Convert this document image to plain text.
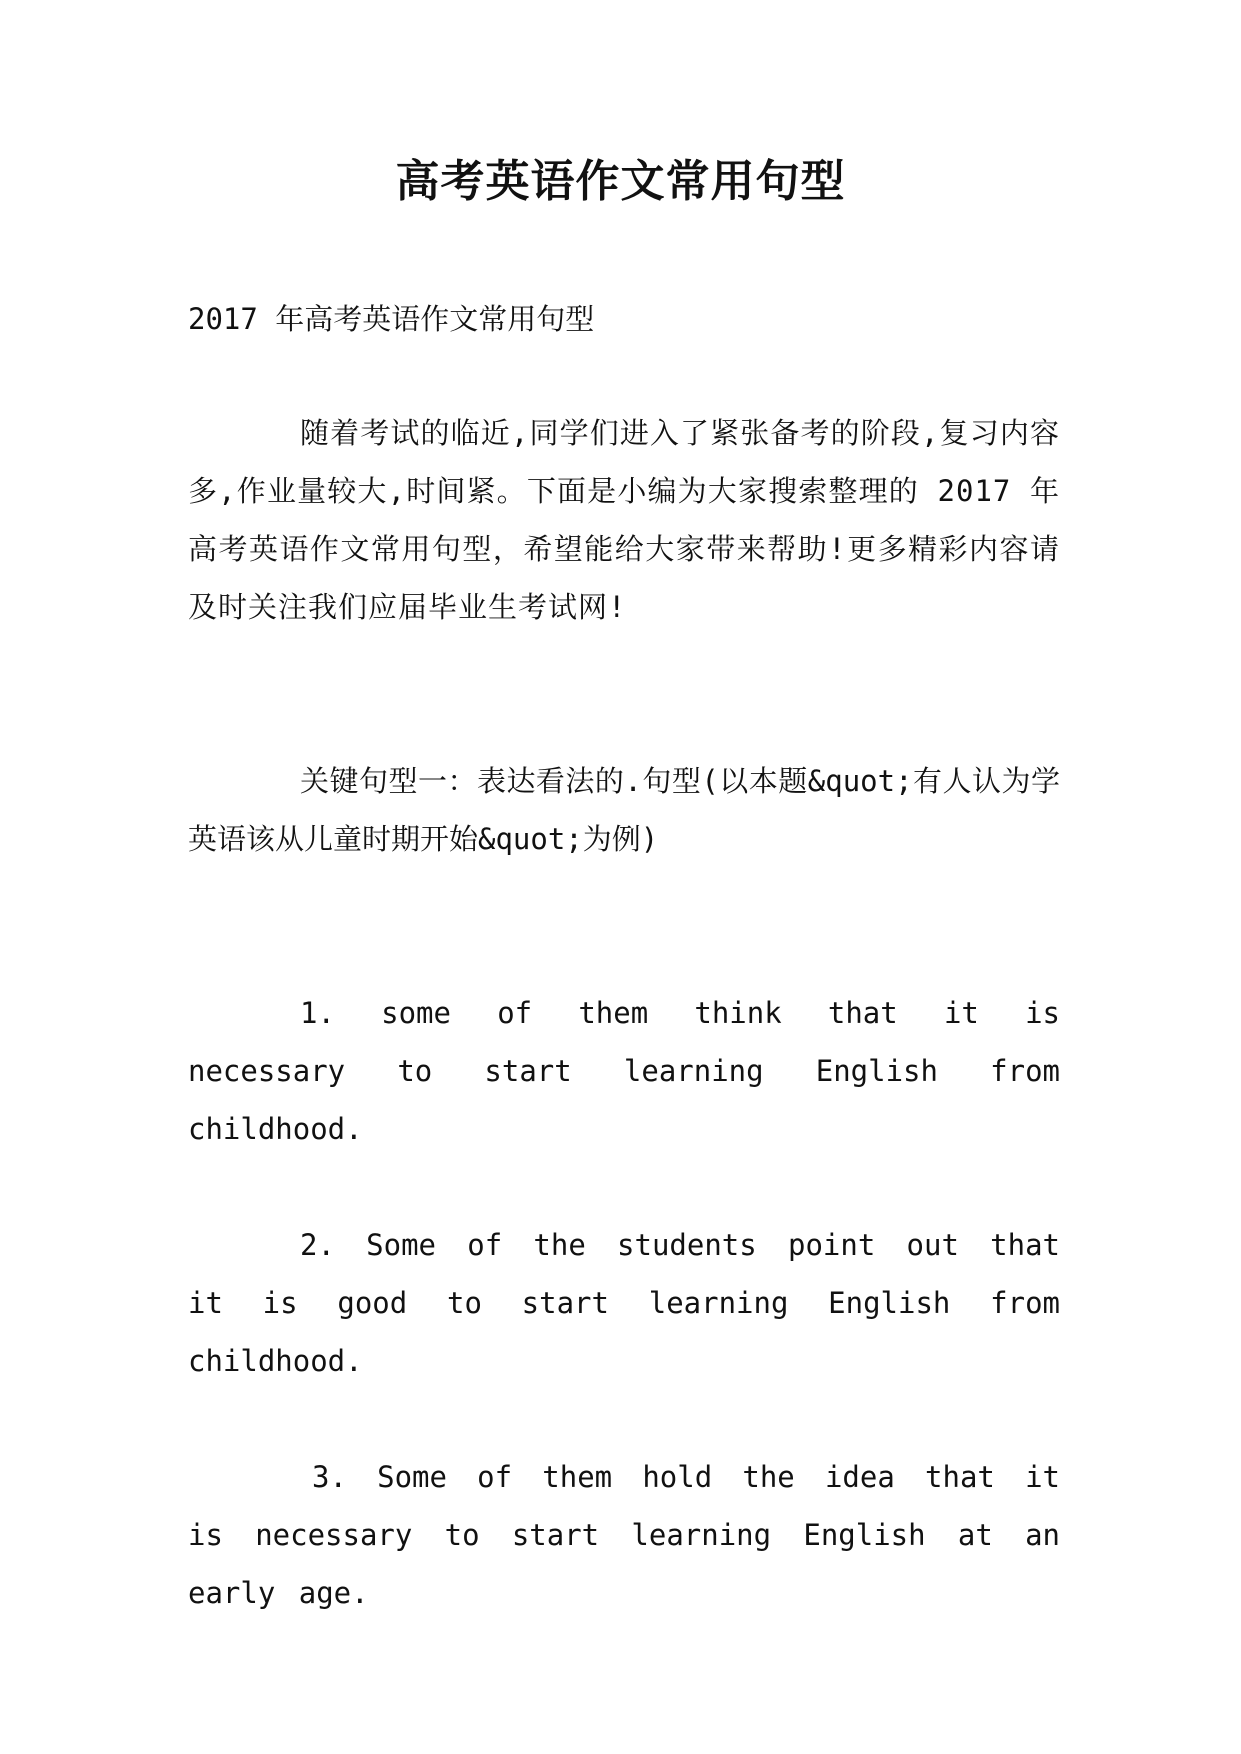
高考英语作文常用句型

2017 年高考英语作文常用句型

随着考试的临近,同学们进入了紧张备考的阶段,复习内容多,作业量较大,时间紧。下面是小编为大家搜索整理的 2017 年高考英语作文常用句型，希望能给大家带来帮助!更多精彩内容请及时关注我们应届毕业生考试网!

关键句型一：表达看法的.句型(以本题&quot;有人认为学英语该从儿童时期开始&quot;为例)

1. some of them think that it is necessary to start learning English from childhood.

2. Some of the students point out that it is good to start learning English from childhood.

3. Some of them hold the idea that it is necessary to start learning English at an early age.
